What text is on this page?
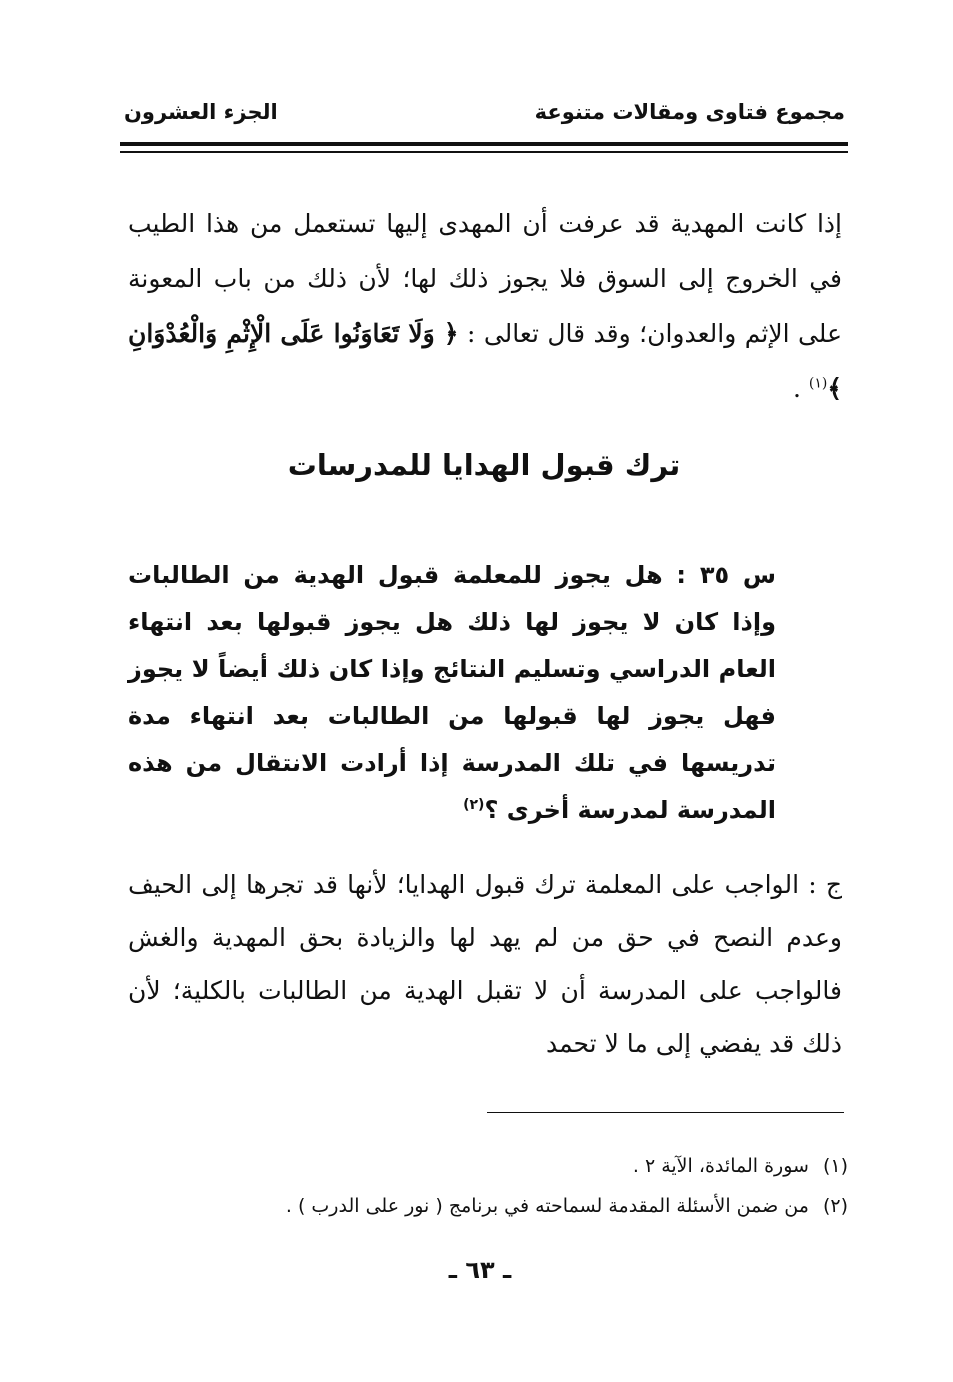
مجموع فتاوى ومقالات متنوعة
الجزء العشرون
إذا كانت المهدية قد عرفت أن المهدى إليها تستعمل من هذا الطيب في الخروج إلى السوق فلا يجوز ذلك لها؛ لأن ذلك من باب المعونة على الإثم والعدوان؛ وقد قال تعالى : ﴿ وَلَا تَعَاوَنُوا عَلَى الْإِثْمِ وَالْعُدْوَانِ ﴾$^{(١)}$ .
ترك قبول الهدايا للمدرسات
س ٣٥ : هل يجوز للمعلمة قبول الهدية من الطالبات وإذا كان لا يجوز لها ذلك هل يجوز قبولها بعد انتهاء العام الدراسي وتسليم النتائج وإذا كان ذلك أيضاً لا يجوز فهل يجوز لها قبولها من الطالبات بعد انتهاء مدة تدريسها في تلك المدرسة إذا أرادت الانتقال من هذه المدرسة لمدرسة أخرى ؟$^{(٢)}$
ج : الواجب على المعلمة ترك قبول الهدايا؛ لأنها قد تجرها إلى الحيف وعدم النصح في حق من لم يهد لها والزيادة بحق المهدية والغش فالواجب على المدرسة أن لا تقبل الهدية من الطالبات بالكلية؛ لأن ذلك قد يفضي إلى ما لا تحمد
(١)سورة المائدة، الآية ٢ .
(٢)من ضمن الأسئلة المقدمة لسماحته في برنامج ( نور على الدرب ) .
ـ ٦٣ ـ
